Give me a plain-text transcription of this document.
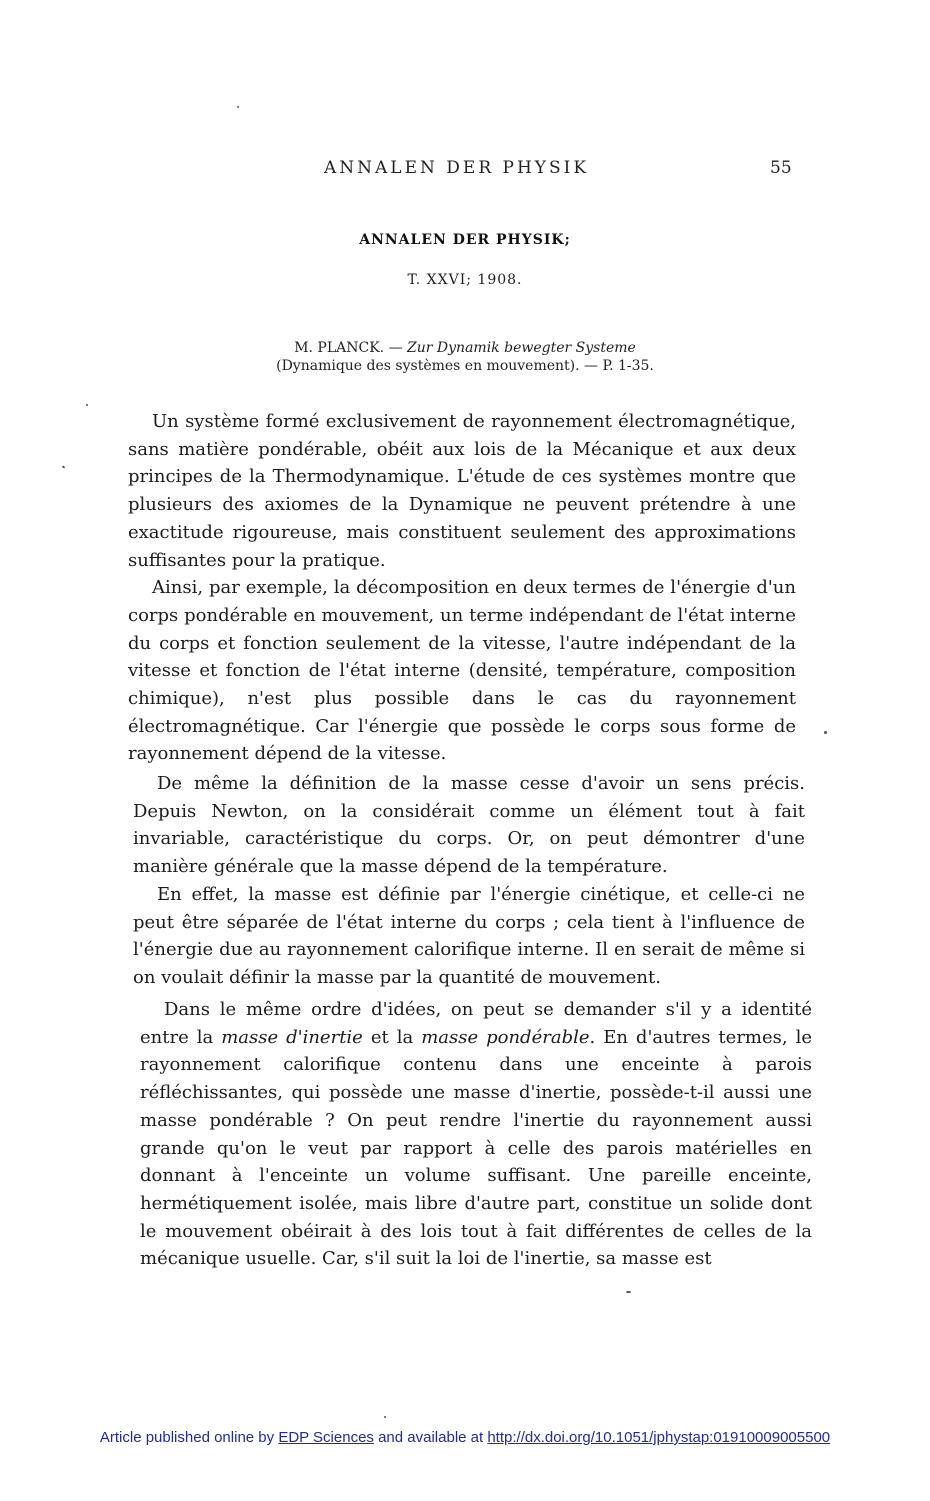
ANNALEN DER PHYSIK	55
ANNALEN DER PHYSIK;
T. XXVI; 1908.
M. PLANCK. — Zur Dynamik bewegter Systeme
(Dynamique des systèmes en mouvement). — P. 1-35.

Un système formé exclusivement de rayonnement électromagnétique, sans matière pondérable, obéit aux lois de la Mécanique et aux deux principes de la Thermodynamique. L'étude de ces systèmes montre que plusieurs des axiomes de la Dynamique ne peuvent prétendre à une exactitude rigoureuse, mais constituent seulement des approximations suffisantes pour la pratique.

Ainsi, par exemple, la décomposition en deux termes de l'énergie d'un corps pondérable en mouvement, un terme indépendant de l'état interne du corps et fonction seulement de la vitesse, l'autre indépendant de la vitesse et fonction de l'état interne (densité, température, composition chimique), n'est plus possible dans le cas du rayonnement électromagnétique. Car l'énergie que possède le corps sous forme de rayonnement dépend de la vitesse.

De même la définition de la masse cesse d'avoir un sens précis. Depuis Newton, on la considérait comme un élément tout à fait invariable, caractéristique du corps. Or, on peut démontrer d'une manière générale que la masse dépend de la température.

En effet, la masse est définie par l'énergie cinétique, et celle-ci ne peut être séparée de l'état interne du corps ; cela tient à l'influence de l'énergie due au rayonnement calorifique interne. Il en serait de même si on voulait définir la masse par la quantité de mouvement.

Dans le même ordre d'idées, on peut se demander s'il y a identité entre la masse d'inertie et la masse pondérable. En d'autres termes, le rayonnement calorifique contenu dans une enceinte à parois réfléchissantes, qui possède une masse d'inertie, possède-t-il aussi une masse pondérable ? On peut rendre l'inertie du rayonnement aussi grande qu'on le veut par rapport à celle des parois matérielles en donnant à l'enceinte un volume suffisant. Une pareille enceinte, hermétiquement isolée, mais libre d'autre part, constitue un solide dont le mouvement obéirait à des lois tout à fait différentes de celles de la mécanique usuelle. Car, s'il suit la loi de l'inertie, sa masse est

Article published online by EDP Sciences and available at http://dx.doi.org/10.1051/jphystap:01910009005500
